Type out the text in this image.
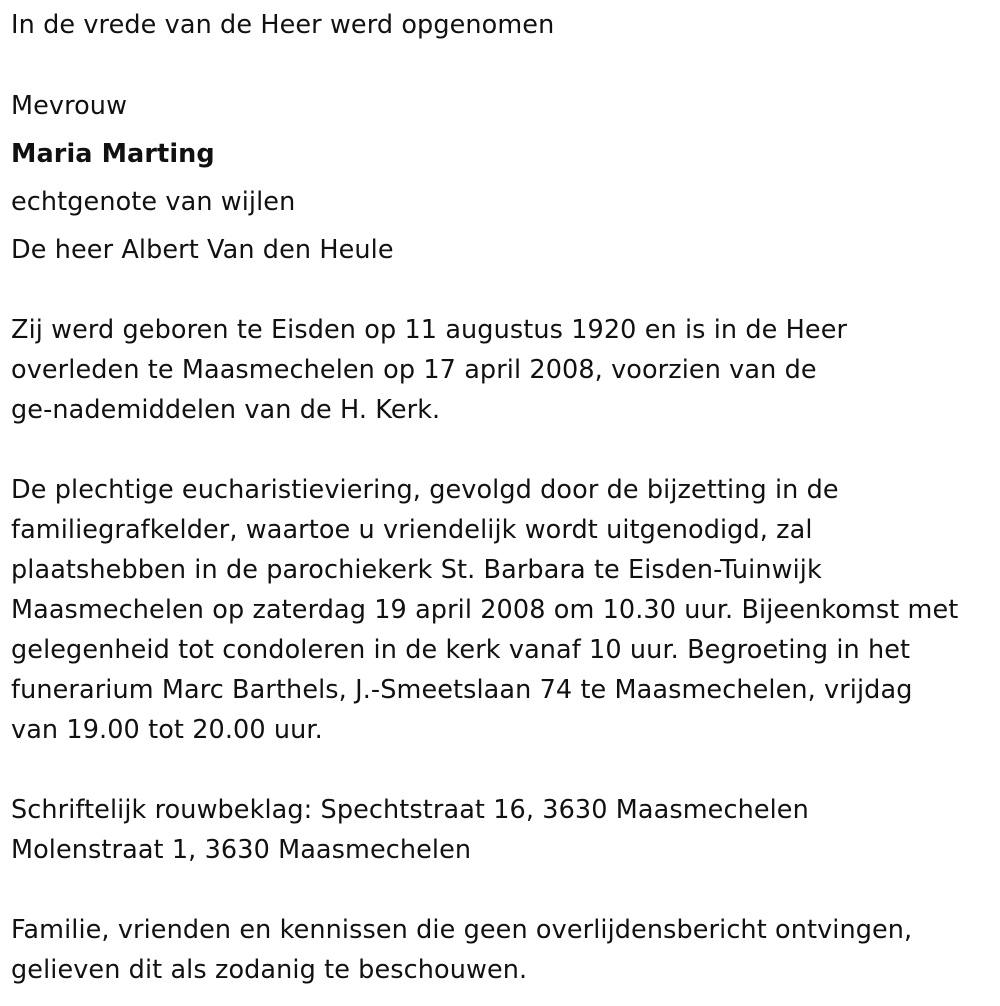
In de vrede van de Heer werd opgenomen
Mevrouw
Maria Marting
echtgenote van wijlen
De heer Albert Van den Heule
Zij werd geboren te Eisden op 11 augustus 1920 en is in de Heer
overleden te Maasmechelen op 17 april 2008, voorzien van de
ge-nademiddelen van de H. Kerk.
De plechtige eucharistieviering, gevolgd door de bijzetting in de
familiegrafkelder, waartoe u vriendelijk wordt uitgenodigd, zal
plaatshebben in de parochiekerk St. Barbara te Eisden-Tuinwijk
Maasmechelen op zaterdag 19 april 2008 om 10.30 uur. Bijeenkomst met
gelegenheid tot condoleren in de kerk vanaf 10 uur. Begroeting in het
funerarium Marc Barthels, J.-Smeetslaan 74 te Maasmechelen, vrijdag
van 19.00 tot 20.00 uur.
Schriftelijk rouwbeklag: Spechtstraat 16, 3630 Maasmechelen
Molenstraat 1, 3630 Maasmechelen
Familie, vrienden en kennissen die geen overlijdensbericht ontvingen,
gelieven dit als zodanig te beschouwen.
